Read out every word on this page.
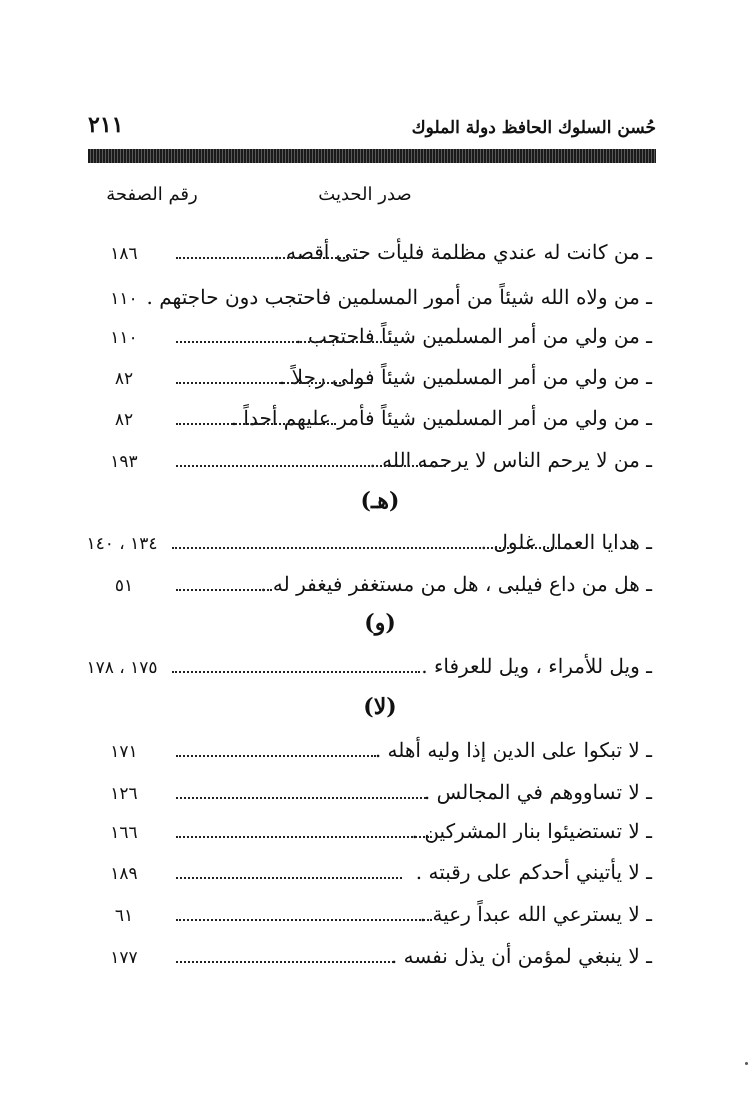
حُسن السلوك الحافظ دولة الملوك
٢١١
صدر الحديث
رقم الصفحة
ـ من كانت له عندي مظلمة فليأت حتى أقصه .
١٨٦
ـ من ولاه الله شيئاً من أمور المسلمين فاحتجب دون حاجتهم .
١١٠
ـ من ولي من أمر المسلمين شيئاً فاحتجب .
١١٠
ـ من ولي من أمر المسلمين شيئاً فولى رجلاً .
٨٢
ـ من ولي من أمر المسلمين شيئاً فأمر عليهم أحداً .
٨٢
ـ من لا يرحم الناس لا يرحمه الله .
١٩٣
(هـ)
ـ هدايا العمال غلول .
١٣٤ ، ١٤٠
ـ هل من داع فيلبى ، هل من مستغفر فيغفر له .
٥١
(و)
ـ ويل للأمراء ، ويل للعرفاء .
١٧٥ ، ١٧٨
(لا)
ـ لا تبكوا على الدين إذا وليه أهله .
١٧١
ـ لا تساووهم في المجالس .
١٢٦
ـ لا تستضيئوا بنار المشركين .
١٦٦
ـ لا يأتيني أحدكم على رقبته .
١٨٩
ـ لا يسترعي الله عبداً رعية .
٦١
ـ لا ينبغي لمؤمن أن يذل نفسه .
١٧٧
